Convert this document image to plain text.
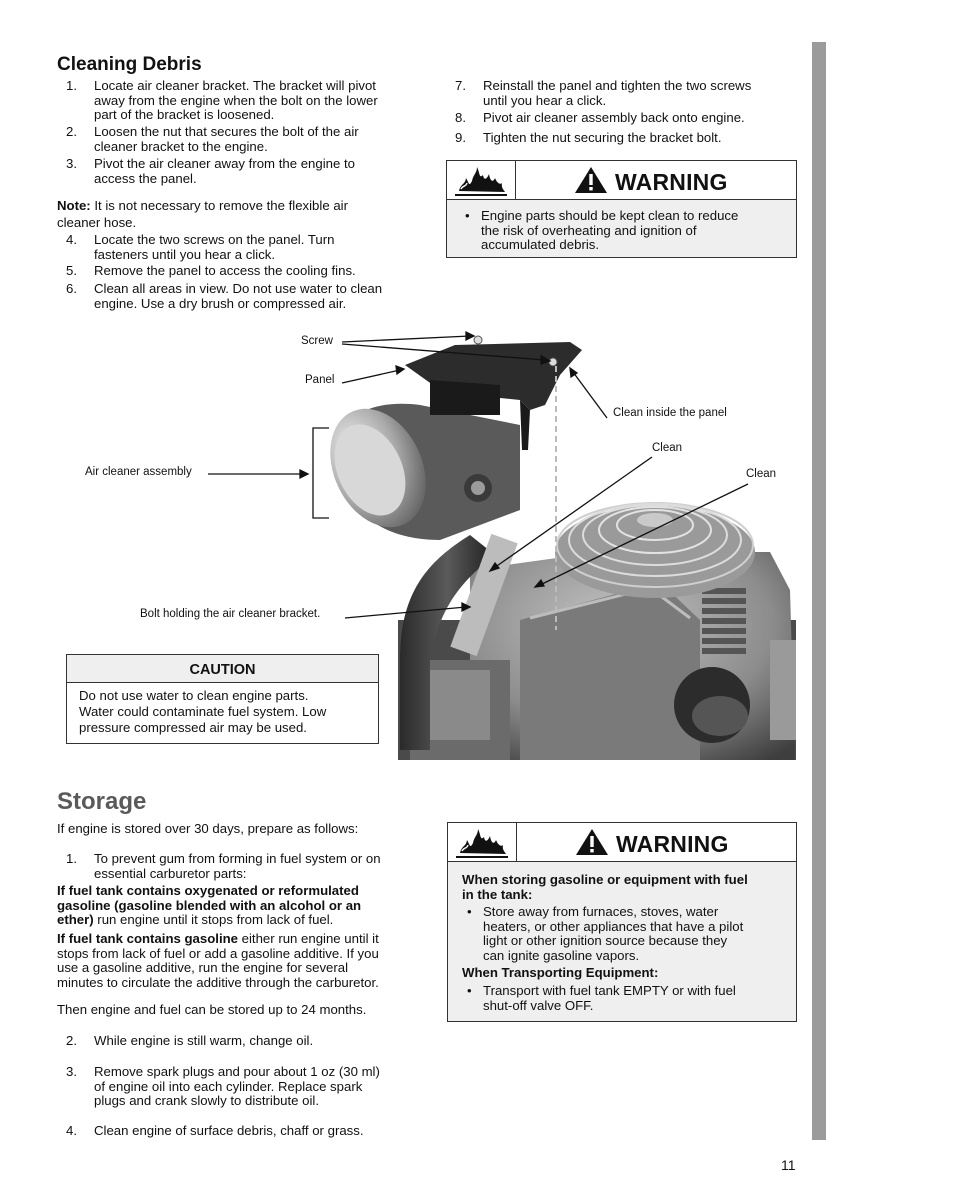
Cleaning Debris
1. Locate air cleaner bracket. The bracket will pivot
away from the engine when the bolt on the lower
part of the bracket is loosened.
2. Loosen the nut that secures the bolt of the air
cleaner bracket to the engine.
3. Pivot the air cleaner away from the engine to
access the panel.
Note: It is not necessary to remove the flexible air
cleaner hose.
4. Locate the two screws on the panel. Turn
fasteners until you hear a click.
5. Remove the panel to access the cooling fins.
6. Clean all areas in view. Do not use water to clean
engine. Use a dry brush or compressed air.
7. Reinstall the panel and tighten the two screws
until you hear a click.
8. Pivot air cleaner assembly back onto engine.
9. Tighten the nut securing the bracket bolt.
WARNING
• Engine parts should be kept clean to reduce
the risk of overheating and ignition of
accumulated debris.
Screw
Panel
Clean inside the panel
Clean
Clean
Air cleaner assembly
Bolt holding the air cleaner bracket.
CAUTION
Do not use water to clean engine parts.
Water could contaminate fuel system. Low
pressure compressed air may be used.
Storage
If engine is stored over 30 days, prepare as follows:
1. To prevent gum from forming in fuel system or on
essential carburetor parts:
If fuel tank contains oxygenated or reformulated
gasoline (gasoline blended with an alcohol or an
ether) run engine until it stops from lack of fuel.
If fuel tank contains gasoline either run engine until it
stops from lack of fuel or add a gasoline additive. If you
use a gasoline additive, run the engine for several
minutes to circulate the additive through the carburetor.
Then engine and fuel can be stored up to 24 months.
2. While engine is still warm, change oil.
3. Remove spark plugs and pour about 1 oz (30 ml)
of engine oil into each cylinder. Replace spark
plugs and crank slowly to distribute oil.
4. Clean engine of surface debris, chaff or grass.
WARNING
When storing gasoline or equipment with fuel
in the tank:
• Store away from furnaces, stoves, water
heaters, or other appliances that have a pilot
light or other ignition source because they
can ignite gasoline vapors.
When Transporting Equipment:
• Transport with fuel tank EMPTY or with fuel
shut-off valve OFF.
11
